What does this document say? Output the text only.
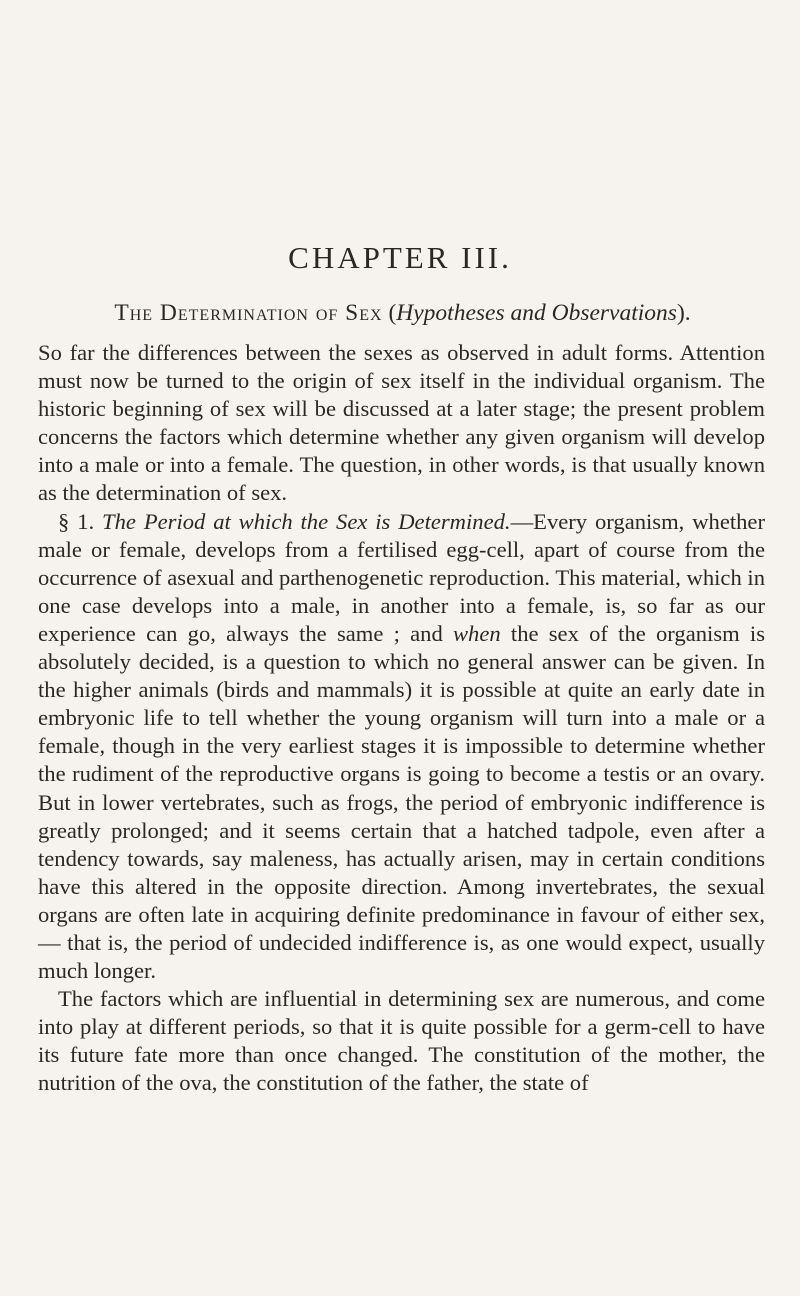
CHAPTER III.
The Determination of Sex (Hypotheses and Observations).

So far the differences between the sexes as observed in adult forms. Attention must now be turned to the origin of sex itself in the individual organism. The historic beginning of sex will be discussed at a later stage; the present problem concerns the factors which determine whether any given organism will develop into a male or into a female. The question, in other words, is that usually known as the determination of sex.

§ 1. The Period at which the Sex is Determined.—Every organism, whether male or female, develops from a fertilised egg-cell, apart of course from the occurrence of asexual and parthenogenetic reproduction. This material, which in one case develops into a male, in another into a female, is, so far as our experience can go, always the same ; and when the sex of the organism is absolutely decided, is a question to which no general answer can be given. In the higher animals (birds and mammals) it is possible at quite an early date in embryonic life to tell whether the young organism will turn into a male or a female, though in the very earliest stages it is impossible to determine whether the rudiment of the reproductive organs is going to become a testis or an ovary. But in lower vertebrates, such as frogs, the period of embryonic indifference is greatly prolonged; and it seems certain that a hatched tadpole, even after a tendency towards, say maleness, has actually arisen, may in certain conditions have this altered in the opposite direction. Among invertebrates, the sexual organs are often late in acquiring definite predominance in favour of either sex,— that is, the period of undecided indifference is, as one would expect, usually much longer.

The factors which are influential in determining sex are numerous, and come into play at different periods, so that it is quite possible for a germ-cell to have its future fate more than once changed. The constitution of the mother, the nutrition of the ova, the constitution of the father, the state of
